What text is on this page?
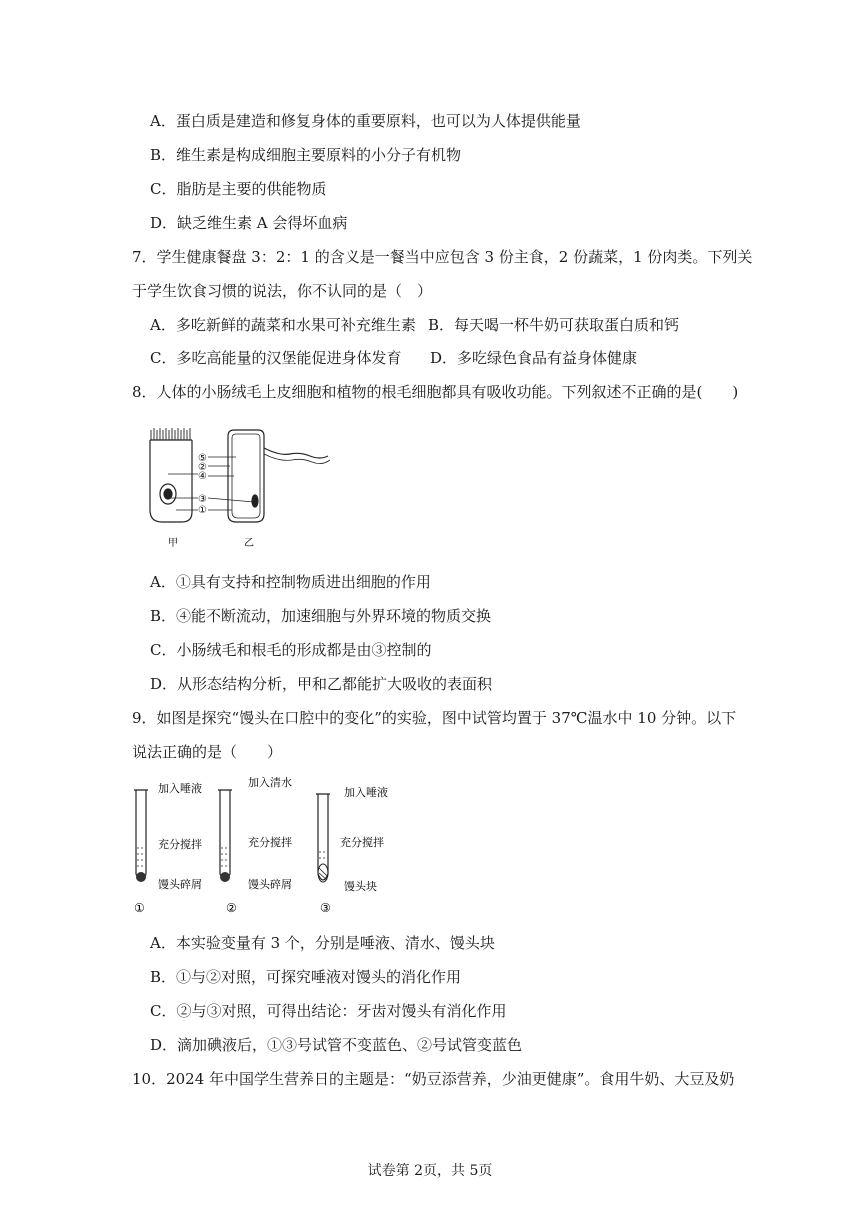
A．蛋白质是建造和修复身体的重要原料，也可以为人体提供能量
B．维生素是构成细胞主要原料的小分子有机物
C．脂肪是主要的供能物质
D．缺乏维生素 A 会得坏血病
7．学生健康餐盘 3：2：1 的含义是一餐当中应包含 3 份主食，2 份蔬菜，1 份肉类。下列关
于学生饮食习惯的说法，你不认同的是（　）
A．多吃新鲜的蔬菜和水果可补充维生素 B．每天喝一杯牛奶可获取蛋白质和钙
C．多吃高能量的汉堡能促进身体发育 D．多吃绿色食品有益身体健康
8．人体的小肠绒毛上皮细胞和植物的根毛细胞都具有吸收功能。下列叙述不正确的是(　　)
⑤
②
④
③
①
甲	乙
A．①具有支持和控制物质进出细胞的作用
B．④能不断流动，加速细胞与外界环境的物质交换
C．小肠绒毛和根毛的形成都是由③控制的
D．从形态结构分析，甲和乙都能扩大吸收的表面积
9．如图是探究“馒头在口腔中的变化”的实验，图中试管均置于 37℃温水中 10 分钟。以下
说法正确的是（　　）
加入唾液
充分搅拌
馒头碎屑
①
加入清水
充分搅拌
馒头碎屑
②
加入唾液
充分搅拌
馒头块
③
A．本实验变量有 3 个，分别是唾液、清水、馒头块
B．①与②对照，可探究唾液对馒头的消化作用
C．②与③对照，可得出结论：牙齿对馒头有消化作用
D．滴加碘液后，①③号试管不变蓝色、②号试管变蓝色
10．2024 年中国学生营养日的主题是：“奶豆添营养，少油更健康”。食用牛奶、大豆及奶
试卷第 2页，共 5页
